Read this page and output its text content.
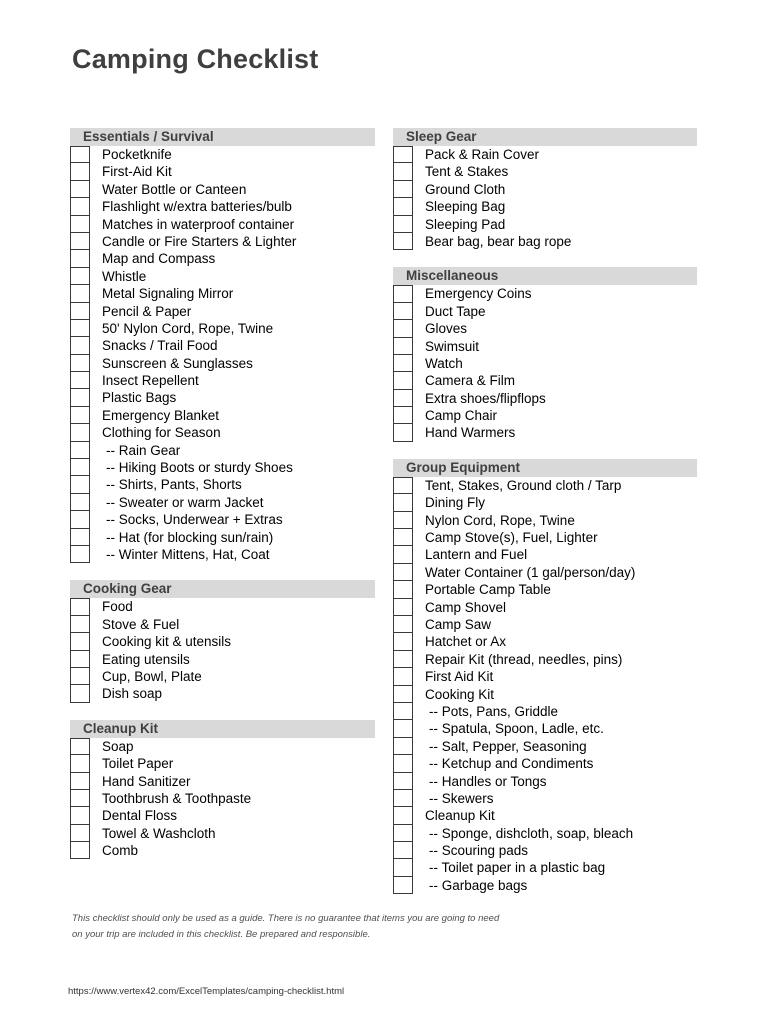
Camping Checklist
Essentials / Survival
Pocketknife
First-Aid Kit
Water Bottle or Canteen
Flashlight w/extra batteries/bulb
Matches in waterproof container
Candle or Fire Starters & Lighter
Map and Compass
Whistle
Metal Signaling Mirror
Pencil & Paper
50' Nylon Cord, Rope, Twine
Snacks / Trail Food
Sunscreen & Sunglasses
Insect Repellent
Plastic Bags
Emergency Blanket
Clothing for Season
-- Rain Gear
-- Hiking Boots or sturdy Shoes
-- Shirts, Pants, Shorts
-- Sweater or warm Jacket
-- Socks, Underwear + Extras
-- Hat (for blocking sun/rain)
-- Winter Mittens, Hat, Coat
Cooking Gear
Food
Stove & Fuel
Cooking kit & utensils
Eating utensils
Cup, Bowl, Plate
Dish soap
Cleanup Kit
Soap
Toilet Paper
Hand Sanitizer
Toothbrush & Toothpaste
Dental Floss
Towel & Washcloth
Comb
Sleep Gear
Pack & Rain Cover
Tent & Stakes
Ground Cloth
Sleeping Bag
Sleeping Pad
Bear bag, bear bag rope
Miscellaneous
Emergency Coins
Duct Tape
Gloves
Swimsuit
Watch
Camera & Film
Extra shoes/flipflops
Camp Chair
Hand Warmers
Group Equipment
Tent, Stakes, Ground cloth / Tarp
Dining Fly
Nylon Cord, Rope, Twine
Camp Stove(s), Fuel, Lighter
Lantern and Fuel
Water Container (1 gal/person/day)
Portable Camp Table
Camp Shovel
Camp Saw
Hatchet or Ax
Repair Kit (thread, needles, pins)
First Aid Kit
Cooking Kit
-- Pots, Pans, Griddle
-- Spatula, Spoon, Ladle, etc.
-- Salt, Pepper, Seasoning
-- Ketchup and Condiments
-- Handles or Tongs
-- Skewers
Cleanup Kit
-- Sponge, dishcloth, soap, bleach
-- Scouring pads
-- Toilet paper in a plastic bag
-- Garbage bags
This checklist should only be used as a guide. There is no guarantee that items you are going to need
on your trip are included in this checklist. Be prepared and responsible.
https://www.vertex42.com/ExcelTemplates/camping-checklist.html
